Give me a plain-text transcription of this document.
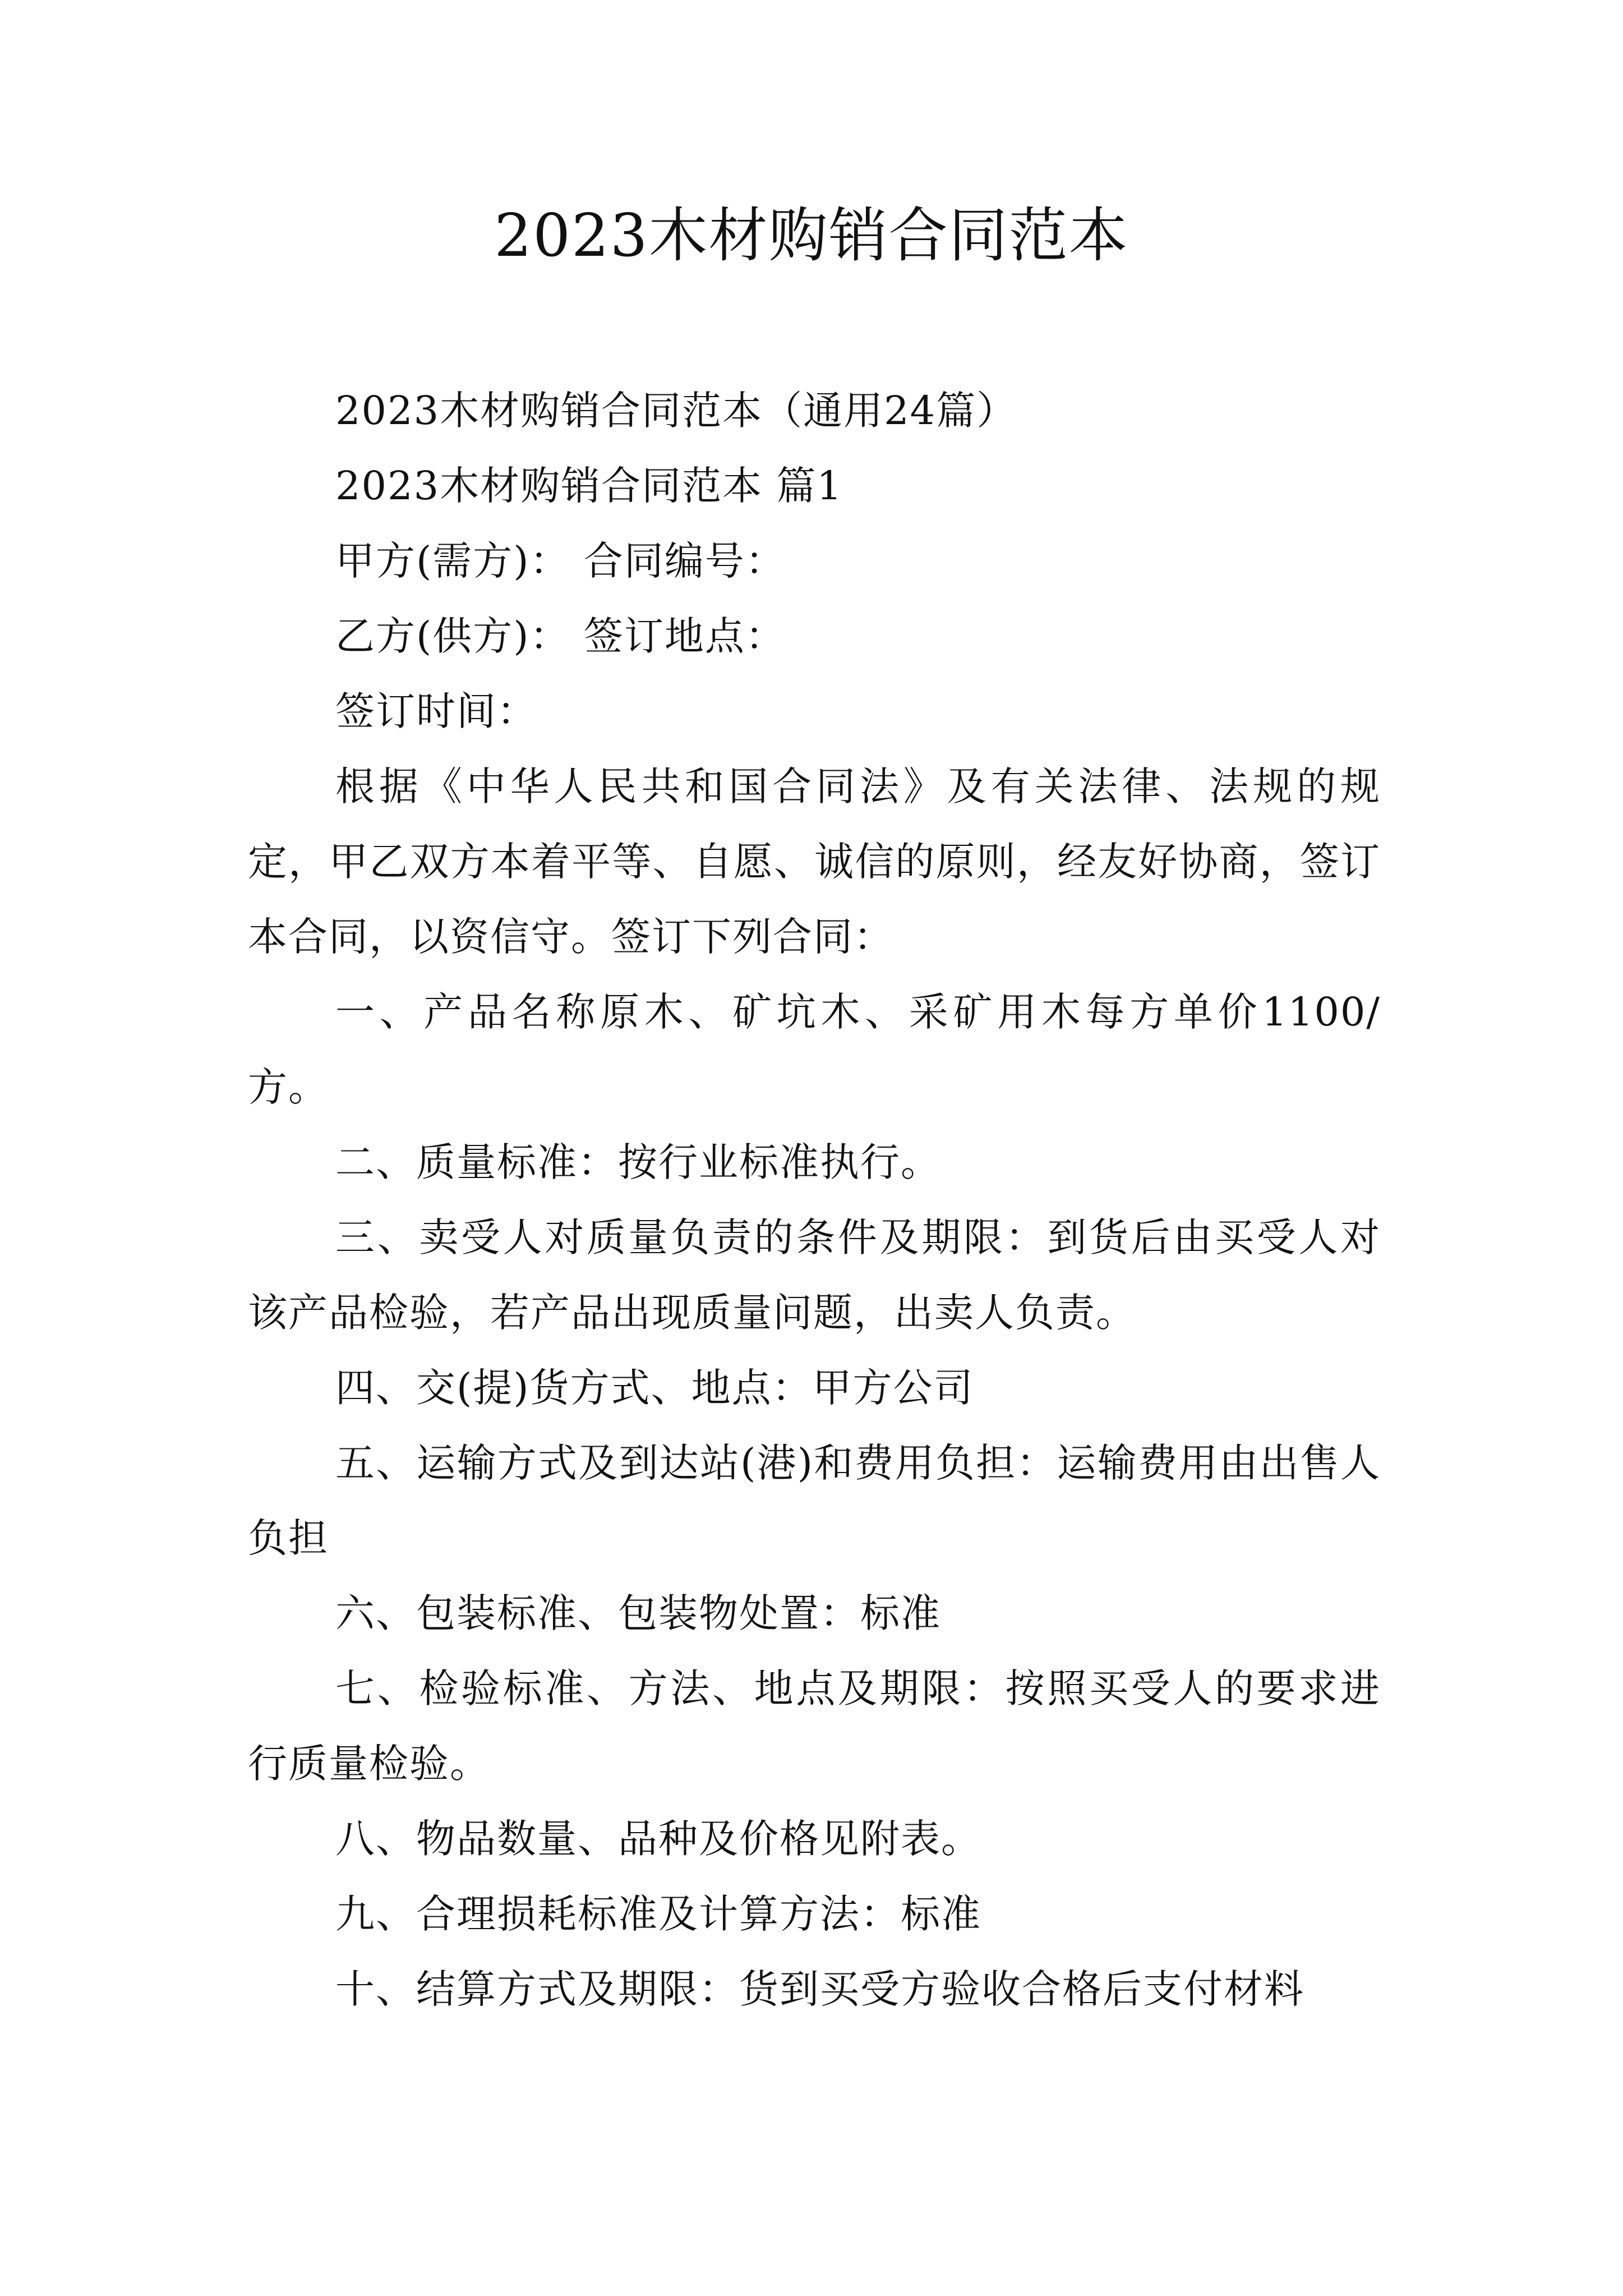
2023木材购销合同范本

2023木材购销合同范本（通用24篇）

2023木材购销合同范本 篇1

甲方(需方)： 合同编号：

乙方(供方)： 签订地点：

签订时间：

根据《中华人民共和国合同法》及有关法律、法规的规定，甲乙双方本着平等、自愿、诚信的原则，经友好协商，签订本合同，以资信守。签订下列合同：

一、产品名称原木、矿坑木、采矿用木每方单价1100/方。

二、质量标准：按行业标准执行。

三、卖受人对质量负责的条件及期限：到货后由买受人对该产品检验，若产品出现质量问题，出卖人负责。

四、交(提)货方式、地点：甲方公司

五、运输方式及到达站(港)和费用负担：运输费用由出售人负担

六、包装标准、包装物处置：标准

七、检验标准、方法、地点及期限：按照买受人的要求进行质量检验。

八、物品数量、品种及价格见附表。

九、合理损耗标准及计算方法：标准

十、结算方式及期限：货到买受方验收合格后支付材料
